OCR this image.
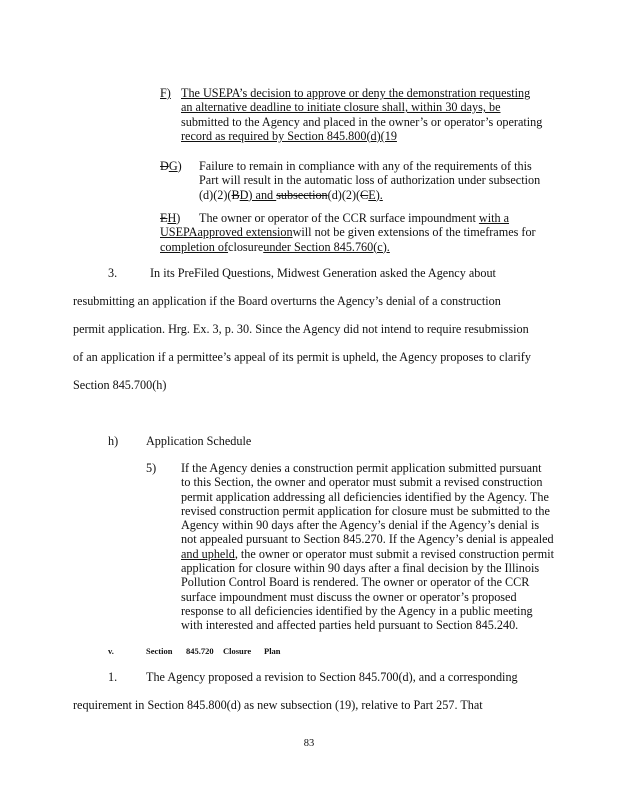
F) The USEPA’s decision to approve or deny the demonstration requesting
an alternative deadline to initiate closure shall, within 30 days, be
submitted to the Agency and placed in the owner’s or operator’s operating
record as required by Section 845.800(d)(19
DG) Failure to remain in compliance with any of the requirements of this
Part will result in the automatic loss of authorization under subsection
(d)(2)(BD) and subsection(d)(2)(CE).
EH) The owner or operator of the CCR surface impoundment with a
USEPAapproved extensionwill not be given extensions of the timeframes for
completion ofclosureunder Section 845.760(c).
3.	In its PreFiled Questions, Midwest Generation asked the Agency about
resubmitting an application if the Board overturns the Agency’s denial of a construction
permit application. Hrg. Ex. 3, p. 30. Since the Agency did not intend to require resubmission
of an application if a permittee’s appeal of its permit is upheld, the Agency proposes to clarify
Section 845.700(h)
h) Application Schedule
5) If the Agency denies a construction permit application submitted pursuant
to this Section, the owner and operator must submit a revised construction
permit application addressing all deficiencies identified by the Agency. The
revised construction permit application for closure must be submitted to the
Agency within 90 days after the Agency’s denial if the Agency’s denial is
not appealed pursuant to Section 845.270. If the Agency’s denial is appealed
and upheld, the owner or operator must submit a revised construction permit
application for closure within 90 days after a final decision by the Illinois
Pollution Control Board is rendered. The owner or operator of the CCR
surface impoundment must discuss the owner or operator’s proposed
response to all deficiencies identified by the Agency in a public meeting
with interested and affected parties held pursuant to Section 845.240.
v.	Section 845.720 Closure Plan
1. The Agency proposed a revision to Section 845.700(d), and a corresponding
requirement in Section 845.800(d) as new subsection (19), relative to Part 257. That
83
